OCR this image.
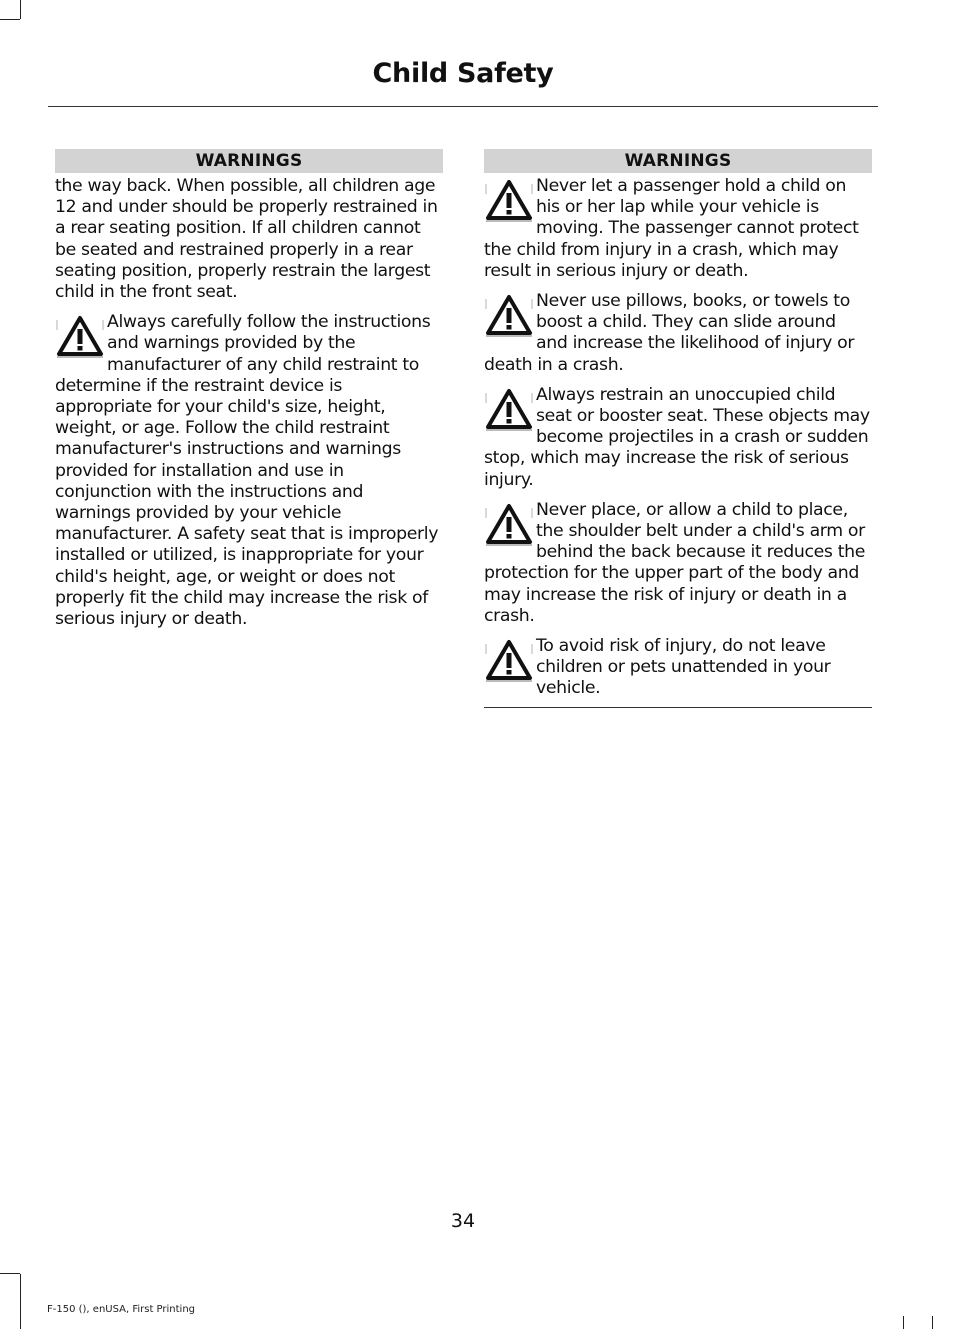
Child Safety
WARNINGS

the way back. When possible, all children age 12 and under should be properly restrained in a rear seating position. If all children cannot be seated and restrained properly in a rear seating position, properly restrain the largest child in the front seat.

Always carefully follow the instructions and warnings provided by the manufacturer of any child restraint to determine if the restraint device is appropriate for your child's size, height, weight, or age. Follow the child restraint manufacturer's instructions and warnings provided for installation and use in conjunction with the instructions and warnings provided by your vehicle manufacturer. A safety seat that is improperly installed or utilized, is inappropriate for your child's height, age, or weight or does not properly fit the child may increase the risk of serious injury or death.

WARNINGS

Never let a passenger hold a child on his or her lap while your vehicle is moving. The passenger cannot protect the child from injury in a crash, which may result in serious injury or death.

Never use pillows, books, or towels to boost a child. They can slide around and increase the likelihood of injury or death in a crash.

Always restrain an unoccupied child seat or booster seat. These objects may become projectiles in a crash or sudden stop, which may increase the risk of serious injury.

Never place, or allow a child to place, the shoulder belt under a child's arm or behind the back because it reduces the protection for the upper part of the body and may increase the risk of injury or death in a crash.

To avoid risk of injury, do not leave children or pets unattended in your vehicle.

34
F-150 (), enUSA, First Printing
